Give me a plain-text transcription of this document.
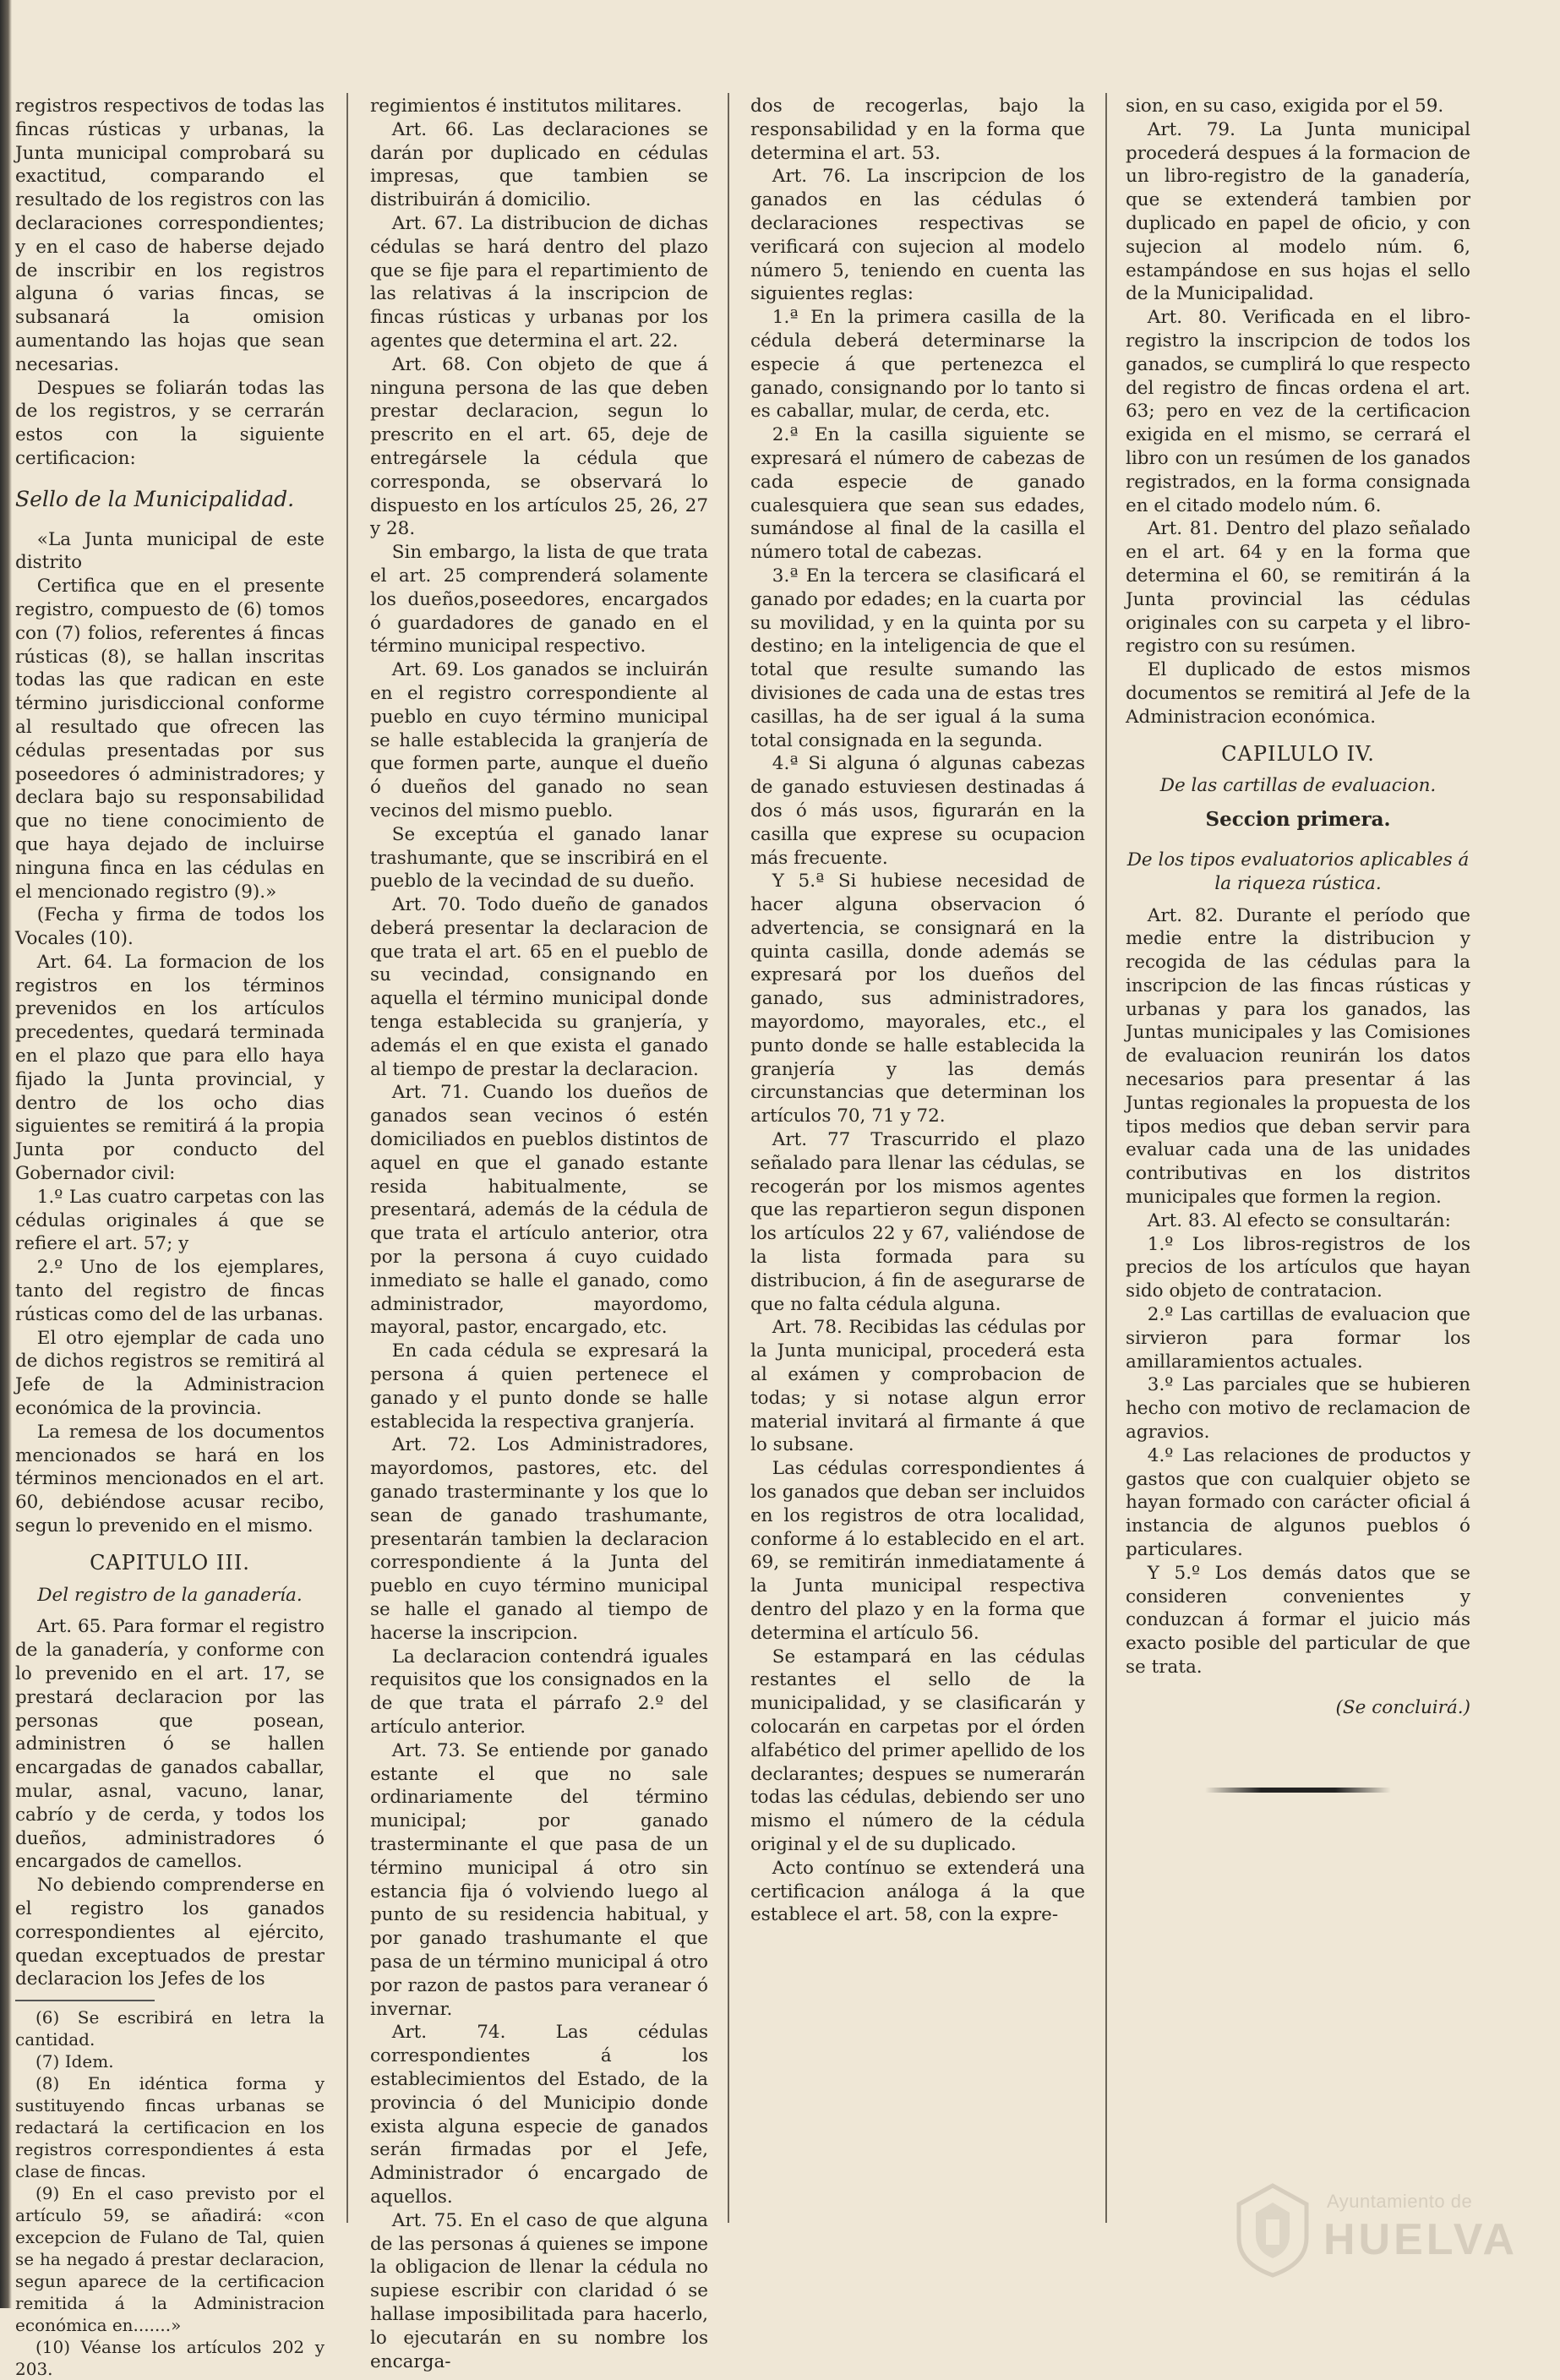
registros respectivos de todas las fincas rústicas y urbanas, la Junta municipal comprobará su exactitud, comparando el resultado de los registros con las declaraciones correspondientes; y en el caso de haberse dejado de inscribir en los registros alguna ó varias fincas, se subsanará la omision aumentando las hojas que sean necesarias.

Despues se foliarán todas las de los registros, y se cerrarán estos con la siguiente certificacion:

Sello de la Municipalidad.

«La Junta municipal de este distrito

Certifica que en el presente registro, compuesto de (6) tomos con (7) folios, referentes á fincas rústicas (8), se hallan inscritas todas las que radican en este término jurisdiccional conforme al resultado que ofrecen las cédulas presentadas por sus poseedores ó administradores; y declara bajo su responsabilidad que no tiene conocimiento de que haya dejado de incluirse ninguna finca en las cédulas en el mencionado registro (9).»

(Fecha y firma de todos los Vocales (10).

Art. 64. La formacion de los registros en los términos prevenidos en los artículos precedentes, quedará terminada en el plazo que para ello haya fijado la Junta provincial, y dentro de los ocho dias siguientes se remitirá á la propia Junta por conducto del Gobernador civil:

1.º Las cuatro carpetas con las cédulas originales á que se refiere el art. 57; y

2.º Uno de los ejemplares, tanto del registro de fincas rústicas como del de las urbanas.

El otro ejemplar de cada uno de dichos registros se remitirá al Jefe de la Administracion económica de la provincia.

La remesa de los documentos mencionados se hará en los términos mencionados en el art. 60, debiéndose acusar recibo, segun lo prevenido en el mismo.

CAPITULO III.

Del registro de la ganadería.

Art. 65. Para formar el registro de la ganadería, y conforme con lo prevenido en el art. 17, se prestará declaracion por las personas que posean, administren ó se hallen encargadas de ganados caballar, mular, asnal, vacuno, lanar, cabrío y de cerda, y todos los dueños, administradores ó encargados de camellos.

No debiendo comprenderse en el registro los ganados correspondientes al ejército, quedan exceptuados de prestar declaracion los Jefes de los

(6) Se escribirá en letra la cantidad.

(7) Idem.

(8) En idéntica forma y sustituyendo fincas urbanas se redactará la certificacion en los registros correspondientes á esta clase de fincas.

(9) En el caso previsto por el artículo 59, se añadirá: «con excepcion de Fulano de Tal, quien se ha negado á prestar declaracion, segun aparece de la certificacion remitida á la Administracion económica en.......»

(10) Véanse los artículos 202 y 203.

regimientos é institutos militares.

Art. 66. Las declaraciones se darán por duplicado en cédulas impresas, que tambien se distribuirán á domicilio.

Art. 67. La distribucion de dichas cédulas se hará dentro del plazo que se fije para el repartimiento de las relativas á la inscripcion de fincas rústicas y urbanas por los agentes que determina el art. 22.

Art. 68. Con objeto de que á ninguna persona de las que deben prestar declaracion, segun lo prescrito en el art. 65, deje de entregársele la cédula que corresponda, se observará lo dispuesto en los artículos 25, 26, 27 y 28.

Sin embargo, la lista de que trata el art. 25 comprenderá solamente los dueños,poseedores, encargados ó guardadores de ganado en el término municipal respectivo.

Art. 69. Los ganados se incluirán en el registro correspondiente al pueblo en cuyo término municipal se halle establecida la granjería de que formen parte, aunque el dueño ó dueños del ganado no sean vecinos del mismo pueblo.

Se exceptúa el ganado lanar trashumante, que se inscribirá en el pueblo de la vecindad de su dueño.

Art. 70. Todo dueño de ganados deberá presentar la declaracion de que trata el art. 65 en el pueblo de su vecindad, consignando en aquella el término municipal donde tenga establecida su granjería, y además el en que exista el ganado al tiempo de prestar la declaracion.

Art. 71. Cuando los dueños de ganados sean vecinos ó estén domiciliados en pueblos distintos de aquel en que el ganado estante resida habitualmente, se presentará, además de la cédula de que trata el artículo anterior, otra por la persona á cuyo cuidado inmediato se halle el ganado, como administrador, mayordomo, mayoral, pastor, encargado, etc.

En cada cédula se expresará la persona á quien pertenece el ganado y el punto donde se halle establecida la respectiva granjería.

Art. 72. Los Administradores, mayordomos, pastores, etc. del ganado trasterminante y los que lo sean de ganado trashumante, presentarán tambien la declaracion correspondiente á la Junta del pueblo en cuyo término municipal se halle el ganado al tiempo de hacerse la inscripcion.

La declaracion contendrá iguales requisitos que los consignados en la de que trata el párrafo 2.º del artículo anterior.

Art. 73. Se entiende por ganado estante el que no sale ordinariamente del término municipal; por ganado trasterminante el que pasa de un término municipal á otro sin estancia fija ó volviendo luego al punto de su residencia habitual, y por ganado trashumante el que pasa de un término municipal á otro por razon de pastos para veranear ó invernar.

Art. 74. Las cédulas correspondientes á los establecimientos del Estado, de la provincia ó del Municipio donde exista alguna especie de ganados serán firmadas por el Jefe, Administrador ó encargado de aquellos.

Art. 75. En el caso de que alguna de las personas á quienes se impone la obligacion de llenar la cédula no supiese escribir con claridad ó se hallase imposibilitada para hacerlo, lo ejecutarán en su nombre los encarga-

dos de recogerlas, bajo la responsabilidad y en la forma que determina el art. 53.

Art. 76. La inscripcion de los ganados en las cédulas ó declaraciones respectivas se verificará con sujecion al modelo número 5, teniendo en cuenta las siguientes reglas:

1.ª En la primera casilla de la cédula deberá determinarse la especie á que pertenezca el ganado, consignando por lo tanto si es caballar, mular, de cerda, etc.

2.ª En la casilla siguiente se expresará el número de cabezas de cada especie de ganado cualesquiera que sean sus edades, sumándose al final de la casilla el número total de cabezas.

3.ª En la tercera se clasificará el ganado por edades; en la cuarta por su movilidad, y en la quinta por su destino; en la inteligencia de que el total que resulte sumando las divisiones de cada una de estas tres casillas, ha de ser igual á la suma total consignada en la segunda.

4.ª Si alguna ó algunas cabezas de ganado estuviesen destinadas á dos ó más usos, figurarán en la casilla que exprese su ocupacion más frecuente.

Y 5.ª Si hubiese necesidad de hacer alguna observacion ó advertencia, se consignará en la quinta casilla, donde además se expresará por los dueños del ganado, sus administradores, mayordomo, mayorales, etc., el punto donde se halle establecida la granjería y las demás circunstancias que determinan los artículos 70, 71 y 72.

Art. 77 Trascurrido el plazo señalado para llenar las cédulas, se recogerán por los mismos agentes que las repartieron segun disponen los artículos 22 y 67, valiéndose de la lista formada para su distribucion, á fin de asegurarse de que no falta cédula alguna.

Art. 78. Recibidas las cédulas por la Junta municipal, procederá esta al exámen y comprobacion de todas; y si notase algun error material invitará al firmante á que lo subsane.

Las cédulas correspondientes á los ganados que deban ser incluidos en los registros de otra localidad, conforme á lo establecido en el art. 69, se remitirán inmediatamente á la Junta municipal respectiva dentro del plazo y en la forma que determina el artículo 56.

Se estampará en las cédulas restantes el sello de la municipalidad, y se clasificarán y colocarán en carpetas por el órden alfabético del primer apellido de los declarantes; despues se numerarán todas las cédulas, debiendo ser uno mismo el número de la cédula original y el de su duplicado.

Acto contínuo se extenderá una certificacion análoga á la que establece el art. 58, con la expre-

sion, en su caso, exigida por el 59.

Art. 79. La Junta municipal procederá despues á la formacion de un libro-registro de la ganadería, que se extenderá tambien por duplicado en papel de oficio, y con sujecion al modelo núm. 6, estampándose en sus hojas el sello de la Municipalidad.

Art. 80. Verificada en el libro-registro la inscripcion de todos los ganados, se cumplirá lo que respecto del registro de fincas ordena el art. 63; pero en vez de la certificacion exigida en el mismo, se cerrará el libro con un resúmen de los ganados registrados, en la forma consignada en el citado modelo núm. 6.

Art. 81. Dentro del plazo señalado en el art. 64 y en la forma que determina el 60, se remitirán á la Junta provincial las cédulas originales con su carpeta y el libro-registro con su resúmen.

El duplicado de estos mismos documentos se remitirá al Jefe de la Administracion económica.

CAPILULO IV.

De las cartillas de evaluacion.

Seccion primera.

De los tipos evaluatorios aplicables á la riqueza rústica.

Art. 82. Durante el período que medie entre la distribucion y recogida de las cédulas para la inscripcion de las fincas rústicas y urbanas y para los ganados, las Juntas municipales y las Comisiones de evaluacion reunirán los datos necesarios para presentar á las Juntas regionales la propuesta de los tipos medios que deban servir para evaluar cada una de las unidades contributivas en los distritos municipales que formen la region.

Art. 83. Al efecto se consultarán:

1.º Los libros-registros de los precios de los artículos que hayan sido objeto de contratacion.

2.º Las cartillas de evaluacion que sirvieron para formar los amillaramientos actuales.

3.º Las parciales que se hubieren hecho con motivo de reclamacion de agravios.

4.º Las relaciones de productos y gastos que con cualquier objeto se hayan formado con carácter oficial á instancia de algunos pueblos ó particulares.

Y 5.º Los demás datos que se consideren convenientes y conduzcan á formar el juicio más exacto posible del particular de que se trata.

(Se concluirá.)

Ayuntamiento de
HUELVA
